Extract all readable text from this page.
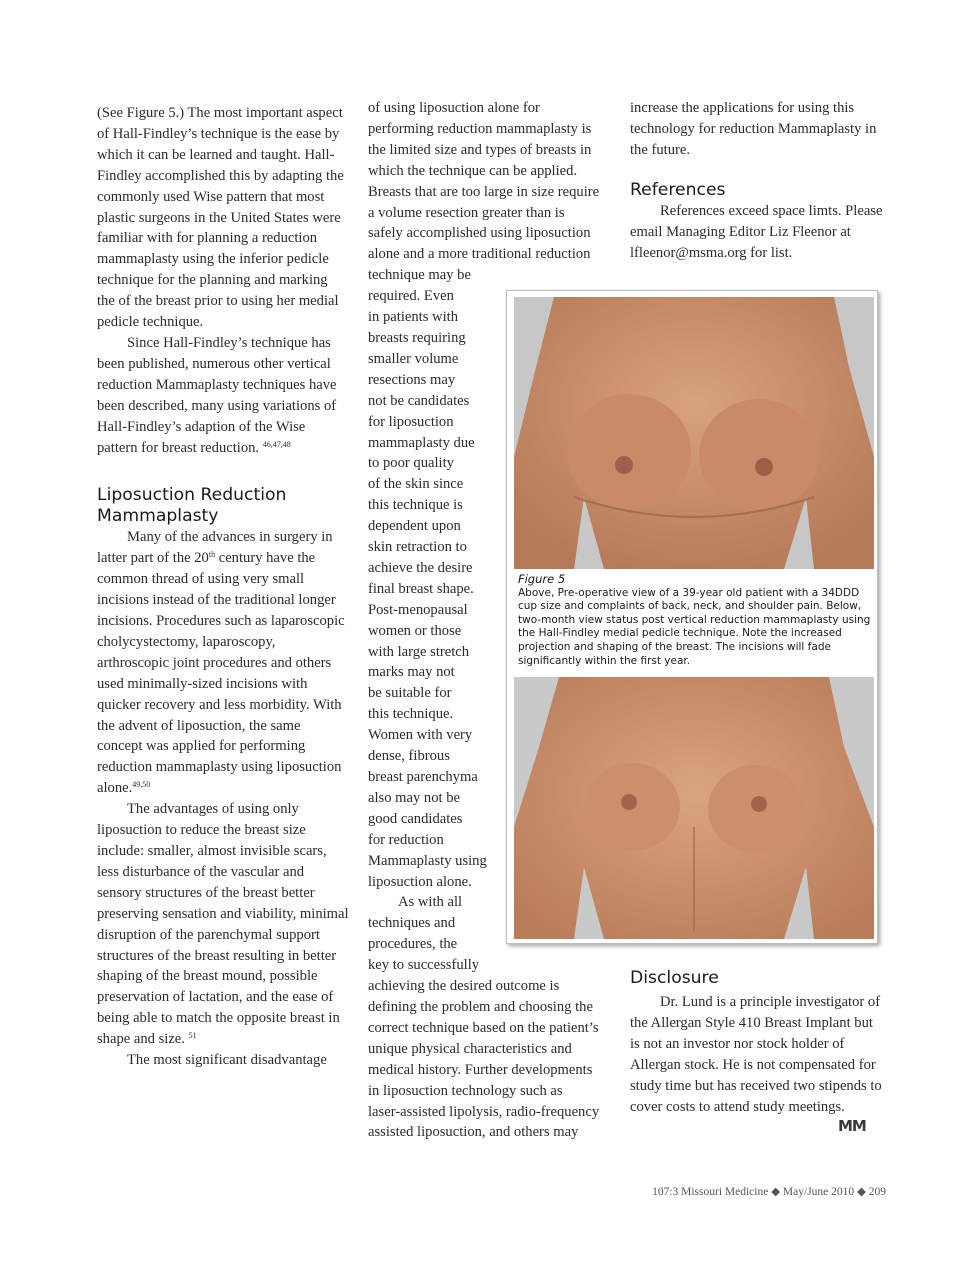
(See Figure 5.) The most important aspect of Hall-Findley’s technique is the ease by which it can be learned and taught. Hall-Findley accomplished this by adapting the commonly used Wise pattern that most plastic surgeons in the United States were familiar with for planning a reduction mammaplasty using the inferior pedicle technique for the planning and marking the of the breast prior to using her medial pedicle technique.

Since Hall-Findley’s technique has been published, numerous other vertical reduction Mammaplasty techniques have been described, many using variations of Hall-Findley’s adaption of the Wise pattern for breast reduction. $^{46,47,48}$

Liposuction Reduction
Mammaplasty

Many of the advances in surgery in latter part of the 20th century have the common thread of using very small incisions instead of the traditional longer incisions. Procedures such as laparoscopic cholycystectomy, laparoscopy, arthroscopic joint procedures and others used minimally-sized incisions with quicker recovery and less morbidity. With the advent of liposuction, the same concept was applied for performing reduction mammaplasty using liposuction alone.$^{49,50}$

The advantages of using only liposuction to reduce the breast size include: smaller, almost invisible scars, less disturbance of the vascular and sensory structures of the breast better preserving sensation and viability, minimal disruption of the parenchymal support structures of the breast resulting in better shaping of the breast mound, possible preservation of lactation, and the ease of being able to match the opposite breast in shape and size. $^{51}$

The most significant disadvantage

of using liposuction alone for
performing reduction mammaplasty is
the limited size and types of breasts in
which the technique can be applied.
Breasts that are too large in size require
a volume resection greater than is
safely accomplished using liposuction
alone and a more traditional reduction
technique may be
required. Even
in patients with
breasts requiring
smaller volume
resections may
not be candidates
for liposuction
mammaplasty due
to poor quality
of the skin since
this technique is
dependent upon
skin retraction to
achieve the desire
final breast shape.
Post-menopausal
women or those
with large stretch
marks may not
be suitable for
this technique.
Women with very
dense, fibrous
breast parenchyma
also may not be
good candidates
for reduction
Mammaplasty using
liposuction alone.
As with all
techniques and
procedures, the
key to successfully
achieving the desired outcome is
defining the problem and choosing the
correct technique based on the patient’s
unique physical characteristics and
medical history. Further developments
in liposuction technology such as
laser-assisted lipolysis, radio-frequency
assisted liposuction, and others may

increase the applications for using this technology for reduction Mammaplasty in the future.

References

References exceed space limts. Please email Managing Editor Liz Fleenor at lfleenor@msma.org for list.

Disclosure

Dr. Lund is a principle investigator of the Allergan Style 410 Breast Implant but is not an investor nor stock holder of Allergan stock. He is not compensated for study time but has received two stipends to cover costs to attend study meetings.

Figure 5
Above, Pre-operative view of a 39-year old patient with a 34DDD cup size and complaints of back, neck, and shoulder pain. Below, two-month view status post vertical reduction mammaplasty using the Hall-Findley medial pedicle technique. Note the increased projection and shaping of the breast. The incisions will fade significantly within the first year.
MM
107:3 Missouri Medicine ◆ May/June 2010 ◆ 209
